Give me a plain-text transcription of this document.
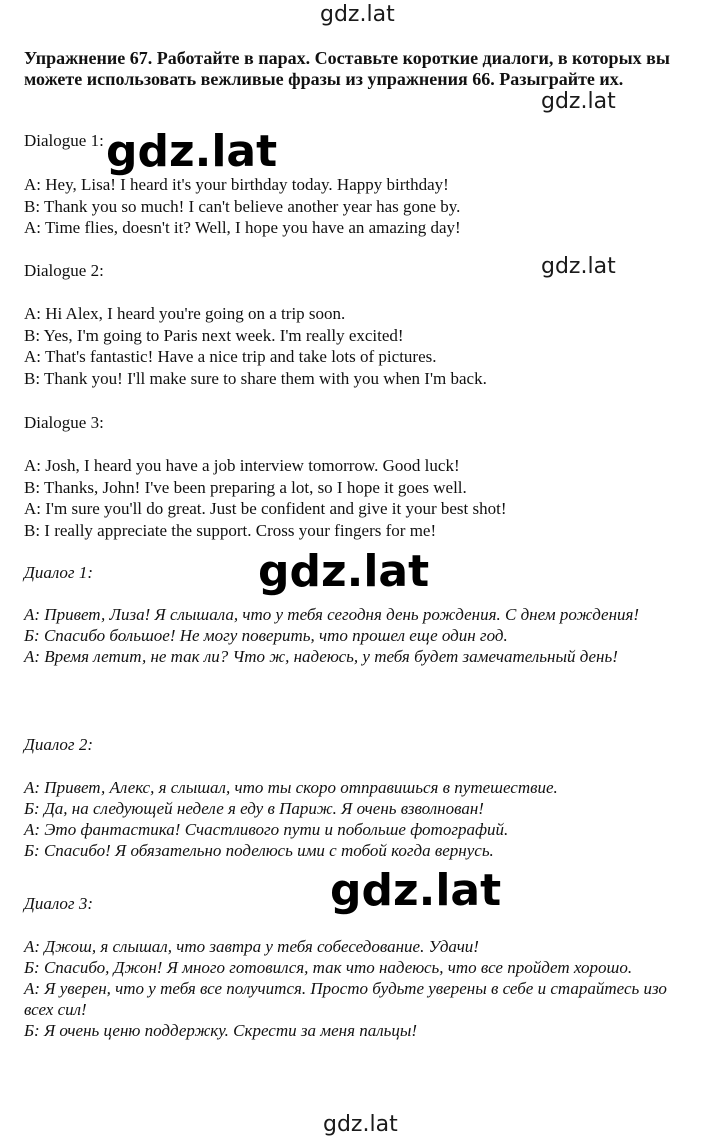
Dialogue 1:

A: Hey, Lisa! I heard it's your birthday today. Happy birthday!

B: Thank you so much! I can't believe another year has gone by.

A: Time flies, doesn't it? Well, I hope you have an amazing day!

Dialogue 2:

A: Hi Alex, I heard you're going on a trip soon.

B: Yes, I'm going to Paris next week. I'm really excited!

A: That's fantastic! Have a nice trip and take lots of pictures.

B: Thank you! I'll make sure to share them with you when I'm back.

Dialogue 3:

A: Josh, I heard you have a job interview tomorrow. Good luck!

B: Thanks, John! I've been preparing a lot, so I hope it goes well.

A: I'm sure you'll do great. Just be confident and give it your best shot!

B: I really appreciate the support. Cross your fingers for me!

Диалог 1:

А: Привет, Лиза! Я слышала, что у тебя сегодня день рождения. С днем рождения!

Б: Спасибо большое! Не могу поверить, что прошел еще один год.

А: Время летит, не так ли? Что ж, надеюсь, у тебя будет замечательный день!

Диалог 2:

А: Привет, Алекс, я слышал, что ты скоро отправишься в путешествие.

Б: Да, на следующей неделе я еду в Париж. Я очень взволнован!

А: Это фантастика! Счастливого пути и побольше фотографий.

Б: Спасибо! Я обязательно поделюсь ими с тобой когда вернусь.

Диалог 3:

А: Джош, я слышал, что завтра у тебя собеседование. Удачи!

Б: Спасибо, Джон! Я много готовился, так что надеюсь, что все пройдет хорошо.

А: Я уверен, что у тебя все получится. Просто будьте уверены в себе и старайтесь изо всех сил!

Б: Я очень ценю поддержку. Скрести за меня пальцы!

Упражнение 67. Работайте в парах. Составьте короткие диалоги, в которых вы можете использовать вежливые фразы из упражнения 66. Разыграйте их.

gdz.lat

gdz.lat

gdz.lat

gdz.lat

gdz.lat

gdz.lat

gdz.lat
